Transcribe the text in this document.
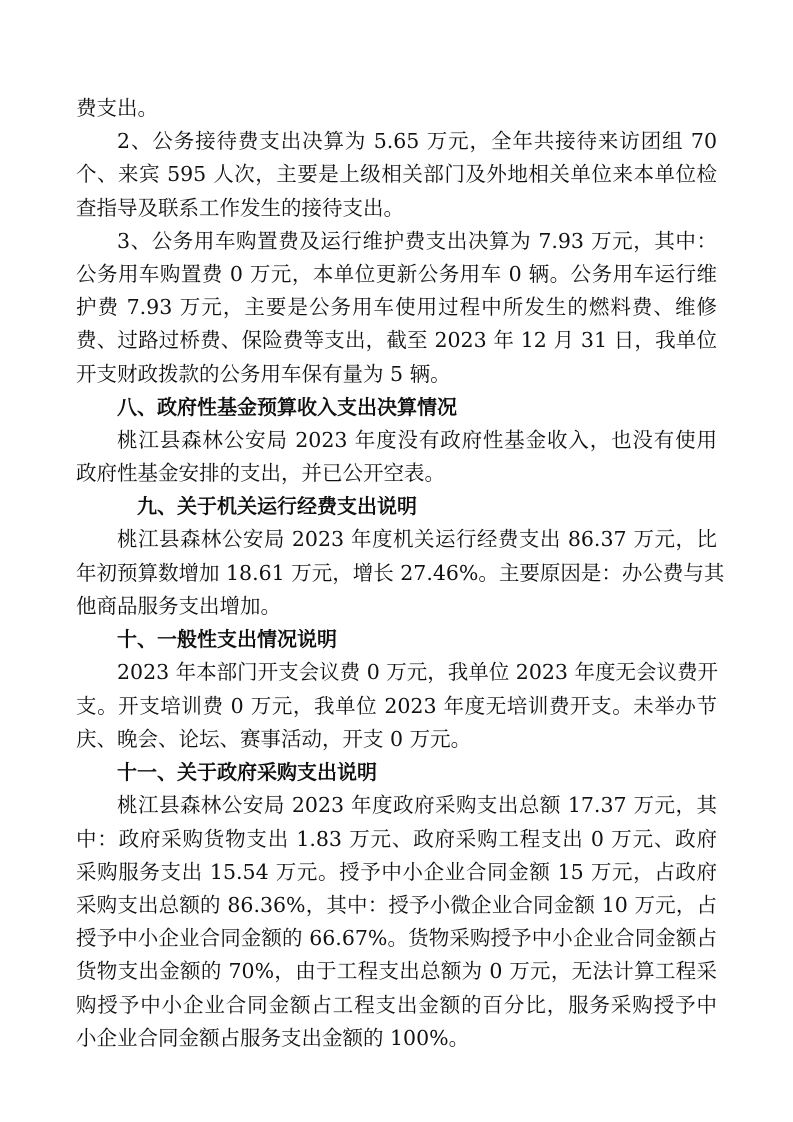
费支出。

2、公务接待费支出决算为 5.65 万元，全年共接待来访团组 70

个、来宾 595 人次，主要是上级相关部门及外地相关单位来本单位检

查指导及联系工作发生的接待支出。

3、公务用车购置费及运行维护费支出决算为 7.93 万元，其中：

公务用车购置费 0 万元，本单位更新公务用车 0 辆。公务用车运行维

护费 7.93 万元，主要是公务用车使用过程中所发生的燃料费、维修

费、过路过桥费、保险费等支出，截至 2023 年 12 月 31 日，我单位

开支财政拨款的公务用车保有量为 5 辆。

八、政府性基金预算收入支出决算情况

桃江县森林公安局 2023 年度没有政府性基金收入，也没有使用

政府性基金安排的支出，并已公开空表。

九、关于机关运行经费支出说明

桃江县森林公安局 2023 年度机关运行经费支出 86.37 万元，比

年初预算数增加 18.61 万元，增长 27.46%。主要原因是：办公费与其

他商品服务支出增加。

十、一般性支出情况说明

2023 年本部门开支会议费 0 万元，我单位 2023 年度无会议费开

支。开支培训费 0 万元，我单位 2023 年度无培训费开支。未举办节

庆、晚会、论坛、赛事活动，开支 0 万元。

十一、关于政府采购支出说明

桃江县森林公安局 2023 年度政府采购支出总额 17.37 万元，其

中：政府采购货物支出 1.83 万元、政府采购工程支出 0 万元、政府

采购服务支出 15.54 万元。授予中小企业合同金额 15 万元，占政府

采购支出总额的 86.36%，其中：授予小微企业合同金额 10 万元，占

授予中小企业合同金额的 66.67%。货物采购授予中小企业合同金额占

货物支出金额的 70%，由于工程支出总额为 0 万元，无法计算工程采

购授予中小企业合同金额占工程支出金额的百分比，服务采购授予中

小企业合同金额占服务支出金额的 100%。
